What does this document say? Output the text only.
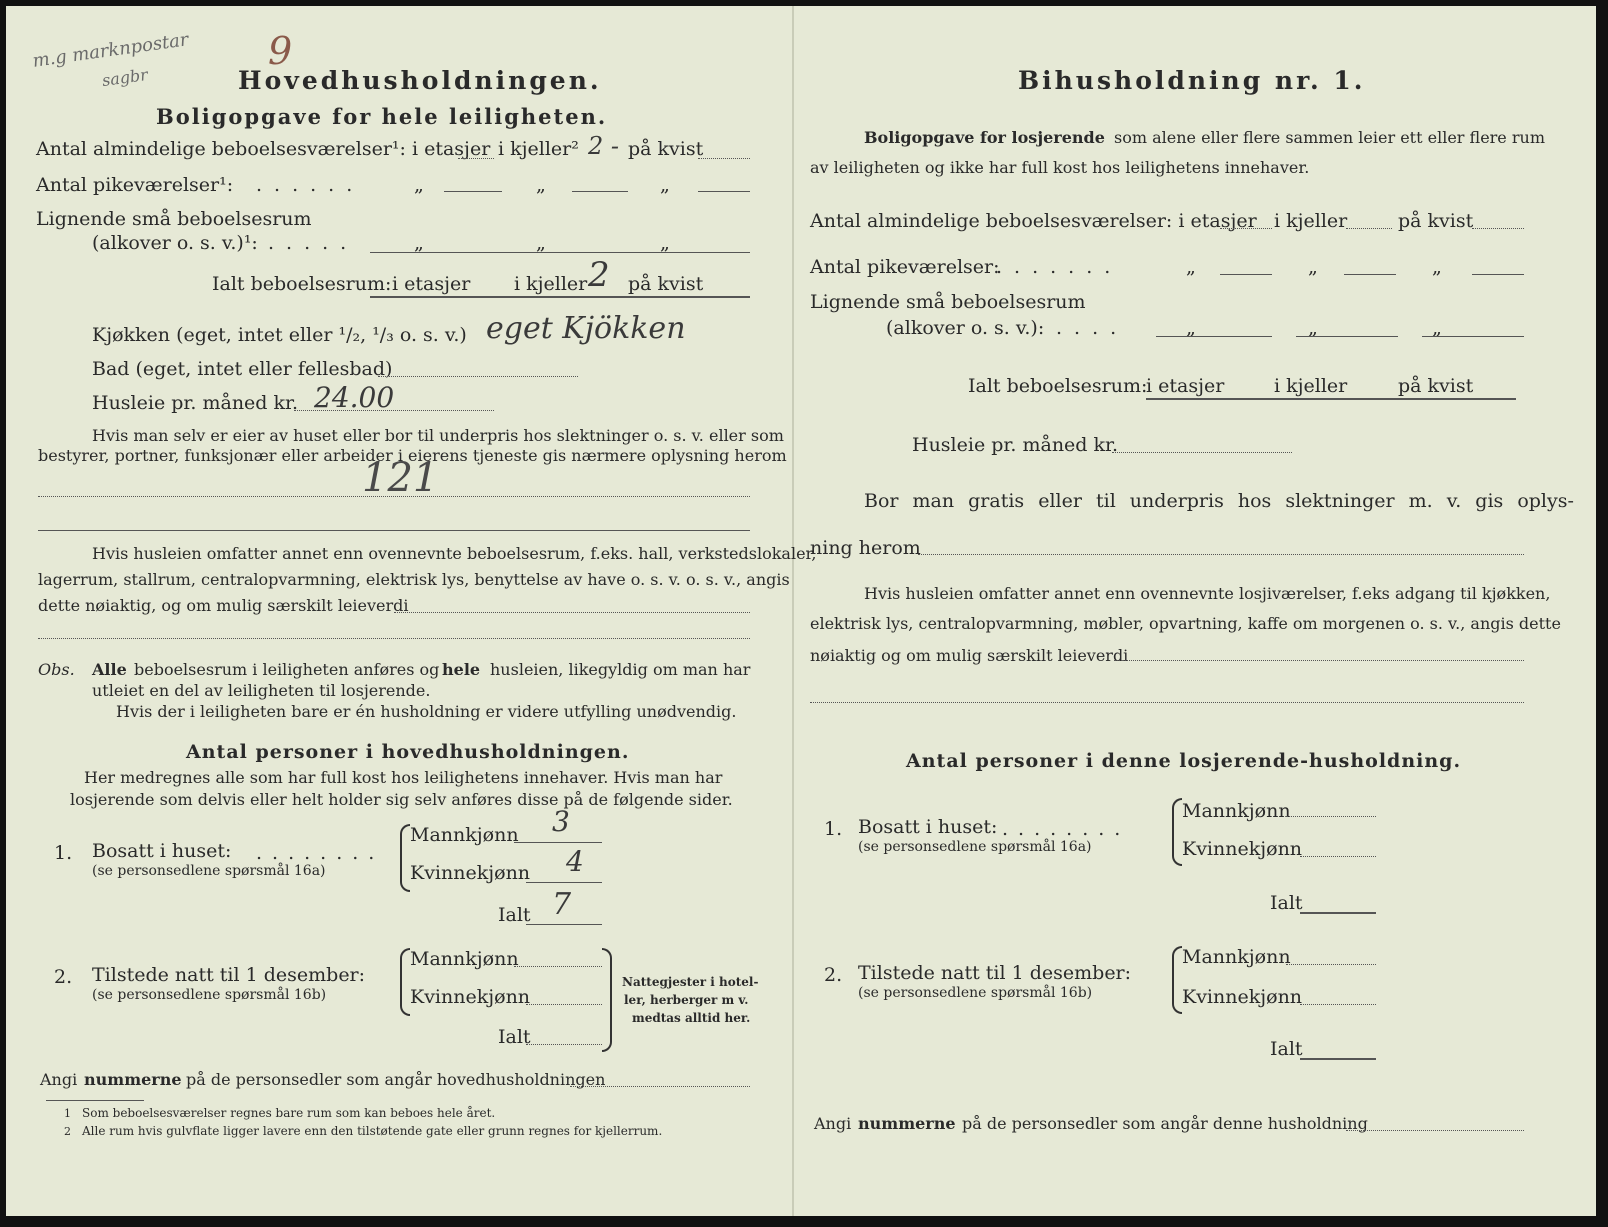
m.g marknpostar
sagbr
9
Hovedhusholdningen.
Boligopgave for hele leiligheten.
Antal almindelige beboelsesværelser¹: i etasjer i kjeller² 2 - på kvist
Antal pikeværelser¹: ......	„	„	„
Lignende små beboelsesrum
(alkover o. s. v.)¹: .....	„	„	„
Ialt beboelsesrum: i etasjer i kjeller 2 på kvist
Kjøkken (eget, intet eller ¹/₂, ¹/₃ o. s. v.) eget Kjökken
Bad (eget, intet eller fellesbad)
Husleie pr. måned kr. 24.00
Hvis man selv er eier av huset eller bor til underpris hos slektninger o. s. v. eller som
bestyrer, portner, funksjonær eller arbeider i eierens tjeneste gis nærmere oplysning herom
121
Hvis husleien omfatter annet enn ovennevnte beboelsesrum, f.eks. hall, verkstedslokaler,
lagerrum, stallrum, centralopvarmning, elektrisk lys, benyttelse av have o. s. v. o. s. v., angis
dette nøiaktig, og om mulig særskilt leieverdi
Obs. Alle beboelsesrum i leiligheten anføres og hele husleien, likegyldig om man har
utleiet en del av leiligheten til losjerende.
Hvis der i leiligheten bare er én husholdning er videre utfylling unødvendig.
Antal personer i hovedhusholdningen.
Her medregnes alle som har full kost hos leilighetens innehaver. Hvis man har
losjerende som delvis eller helt holder sig selv anføres disse på de følgende sider.
1. Bosatt i huset: ........
(se personsedlene spørsmål 16a)
Mannkjønn 3
Kvinnekjønn 4
Ialt 7
2. Tilstede natt til 1 desember:
(se personsedlene spørsmål 16b)
Mannkjønn
Kvinnekjønn
Ialt
Nattegjester i hotel-
ler, herberger m v.
medtas alltid her.
Angi nummerne på de personsedler som angår hovedhusholdningen
1 Som beboelsesværelser regnes bare rum som kan beboes hele året.
2 Alle rum hvis gulvflate ligger lavere enn den tilstøtende gate eller grunn regnes for kjellerrum.
Bihusholdning nr. 1.
Boligopgave for losjerende som alene eller flere sammen leier ett eller flere rum
av leiligheten og ikke har full kost hos leilighetens innehaver.
Antal almindelige beboelsesværelser: i etasjer i kjeller	på kvist
Antal pikeværelser:
.......	„	„	„
Lignende små beboelsesrum
(alkover o. s. v.): ....	„	„	„
Ialt beboelsesrum:
i etasjer	i kjeller	på kvist
Husleie pr. måned kr.
Bor man gratis eller til underpris hos slektninger m. v. gis oplys-
ning herom
Hvis husleien omfatter annet enn ovennevnte losjiværelser, f.eks adgang til kjøkken,
elektrisk lys, centralopvarmning, møbler, opvartning, kaffe om morgenen o. s. v., angis dette
nøiaktig og om mulig særskilt leieverdi
Antal personer i denne losjerende-husholdning.
1. Bosatt i huset: ........
(se personsedlene spørsmål 16a)
Mannkjønn
Kvinnekjønn
Ialt
2. Tilstede natt til 1 desember:
(se personsedlene spørsmål 16b)
Mannkjønn
Kvinnekjønn
Ialt
Angi nummerne på de personsedler som angår denne husholdning
